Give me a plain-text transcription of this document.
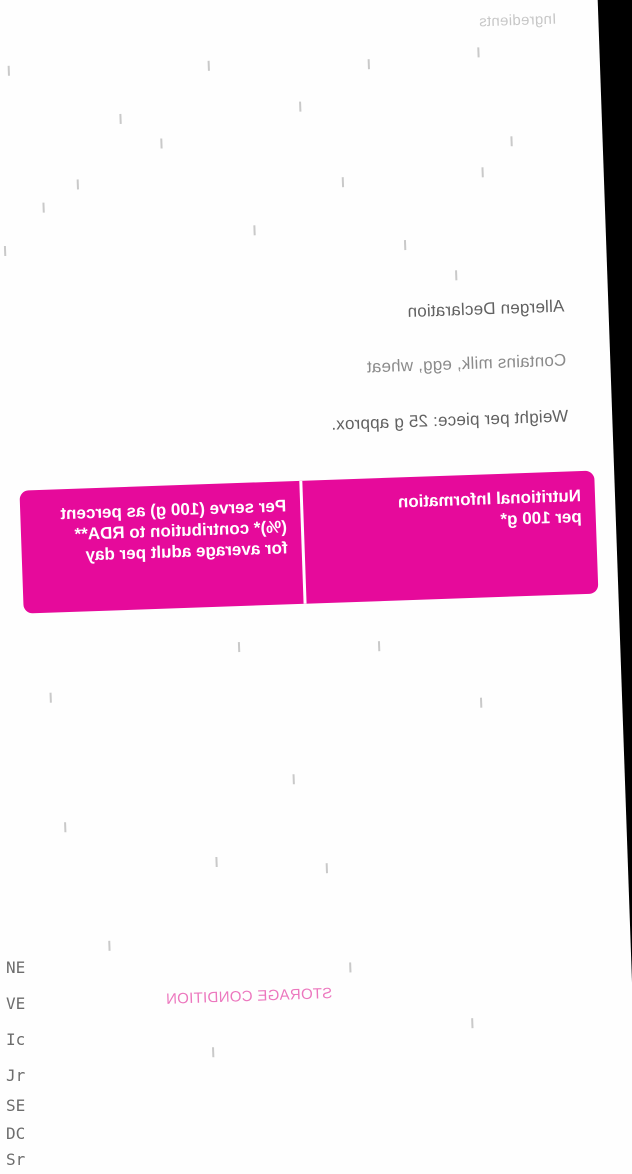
Ingredients
Allergen Declaration
Contains milk, egg, wheat
Weight per piece: 25 g approx.
Nutritional Information
per 100 g*
Per serve (100 g) as percent
(%)* contribution to RDA**
for average adult per day
STORAGE CONDITION
NE
VE
Ic
Jr
SE
DC
Sr
